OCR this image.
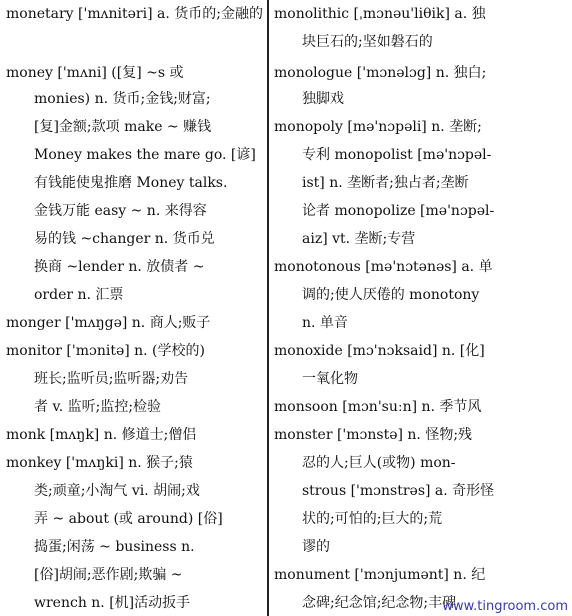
monetary ['mʌnitəri] a. 货币的;金融的
money ['mʌni] ([复] ~s 或
monies) n. 货币;金钱;财富;
[复]金额;款项 make ~ 赚钱
Money makes the mare go. [谚]
有钱能使鬼推磨 Money talks.
金钱万能 easy ~ n. 来得容
易的钱 ~changer n. 货币兑
换商 ~lender n. 放债者 ~
order n. 汇票
monger ['mʌŋgə] n. 商人;贩子
monitor ['mɔnitə] n. (学校的)
班长;监听员;监听器;劝告
者 v. 监听;监控;检验
monk [mʌŋk] n. 修道士;僧侣
monkey ['mʌŋki] n. 猴子;猿
类;顽童;小淘气 vi. 胡闹;戏
弄 ~ about (或 around) [俗]
捣蛋;闲荡 ~ business n.
[俗]胡闹;恶作剧;欺骗 ~
wrench n. [机]活动扳手
monolithic [ˌmɔnəu'liθik] a. 独
块巨石的;坚如磐石的
monologue ['mɔnəlɔg] n. 独白;
独脚戏
monopoly [mə'nɔpəli] n. 垄断;
专利 monopolist [mə'nɔpəl-
ist] n. 垄断者;独占者;垄断
论者 monopolize [mə'nɔpəl-
aiz] vt. 垄断;专营
monotonous [mə'nɔtənəs] a. 单
调的;使人厌倦的 monotony
n. 单音
monoxide [mɔ'nɔksaid] n. [化]
一氧化物
monsoon [mɔn'suːn] n. 季节风
monster ['mɔnstə] n. 怪物;残
忍的人;巨人(或物) mon-
strous ['mɔnstrəs] a. 奇形怪
状的;可怕的;巨大的;荒
谬的
monument ['mɔnjumənt] n. 纪
念碑;纪念馆;纪念物;丰碑
www.tingroom.com
